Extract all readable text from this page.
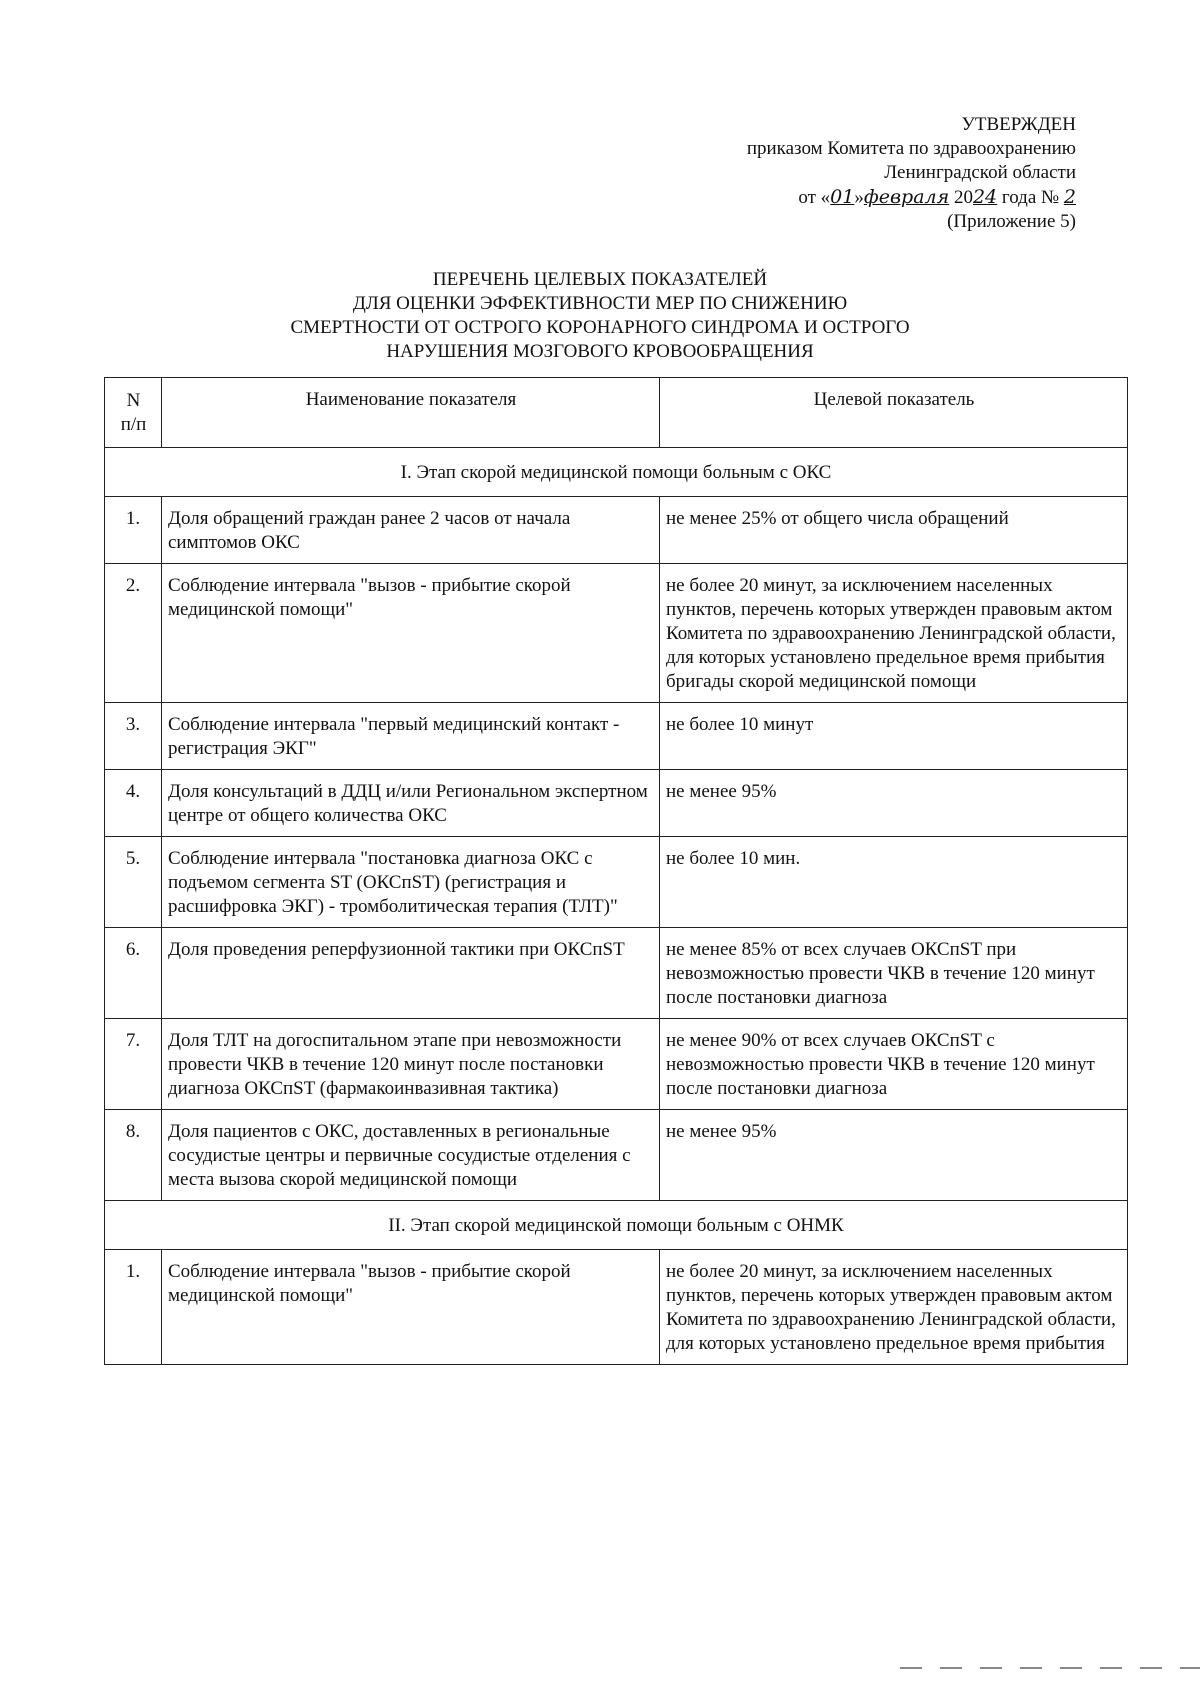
УТВЕРЖДЕН
приказом Комитета по здравоохранению
Ленинградской области
от «01»февраля 2024 года № 2
(Приложение 5)
ПЕРЕЧЕНЬ ЦЕЛЕВЫХ ПОКАЗАТЕЛЕЙ
ДЛЯ ОЦЕНКИ ЭФФЕКТИВНОСТИ МЕР ПО СНИЖЕНИЮ
СМЕРТНОСТИ ОТ ОСТРОГО КОРОНАРНОГО СИНДРОМА И ОСТРОГО
НАРУШЕНИЯ МОЗГОВОГО КРОВООБРАЩЕНИЯ
N
п/п	Наименование показателя	Целевой показатель
I. Этап скорой медицинской помощи больным с ОКС		
1.	Доля обращений граждан ранее 2 часов от начала симптомов ОКС	не менее 25% от общего числа обращений
2.	Соблюдение интервала "вызов - прибытие скорой медицинской помощи"	не более 20 минут, за исключением населенных пунктов, перечень которых утвержден правовым актом Комитета по здравоохранению Ленинградской области, для которых установлено предельное время прибытия бригады скорой медицинской помощи
3.	Соблюдение интервала "первый медицинский контакт - регистрация ЭКГ"	не более 10 минут
4.	Доля консультаций в ДДЦ и/или Региональном экспертном центре от общего количества ОКС	не менее 95%
5.	Соблюдение интервала "постановка диагноза ОКС с подъемом сегмента ST (ОКСпST) (регистрация и расшифровка ЭКГ) - тромболитическая терапия (ТЛТ)"	не более 10 мин.
6.	Доля проведения реперфузионной тактики при ОКСпST	не менее 85% от всех случаев ОКСпST при невозможностью провести ЧКВ в течение 120 минут после постановки диагноза
7.	Доля ТЛТ на догоспитальном этапе при невозможности провести ЧКВ в течение 120 минут после постановки диагноза ОКСпST (фармакоинвазивная тактика)	не менее 90% от всех случаев ОКСпST с невозможностью провести ЧКВ в течение 120 минут после постановки диагноза
8.	Доля пациентов с ОКС, доставленных в региональные сосудистые центры и первичные сосудистые отделения с места вызова скорой медицинской помощи	не менее 95%
II. Этап скорой медицинской помощи больным с ОНМК		
1.	Соблюдение интервала "вызов - прибытие скорой медицинской помощи"	не более 20 минут, за исключением населенных пунктов, перечень которых утвержден правовым актом Комитета по здравоохранению Ленинградской области, для которых установлено предельное время прибытия
